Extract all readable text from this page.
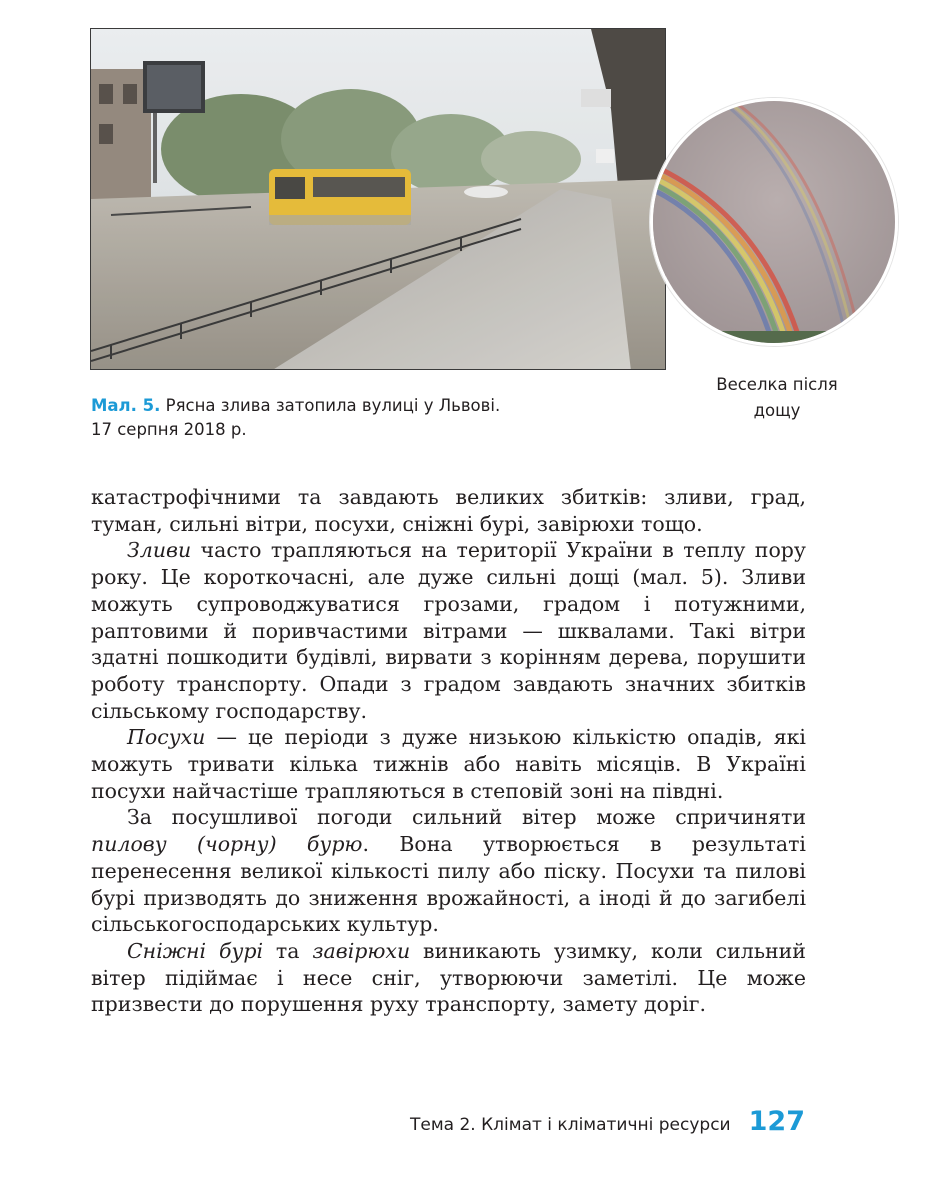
Мал. 5. Рясна злива затопила вулиці у Львові.
17 серпня 2018 р.
Веселка після дощу

катастрофічними та завдають великих збитків: зливи, град, туман, сильні вітри, посухи, сніжні бурі, завірюхи тощо.

Зливи часто трапляються на території України в теплу пору року. Це короткочасні, але дуже сильні дощі (мал. 5). Зливи можуть супроводжуватися грозами, градом і потужними, раптовими й поривчастими вітрами — шквалами. Такі вітри здатні пошкодити будівлі, вирвати з корінням дерева, порушити роботу транспорту. Опади з градом завдають значних збитків сільському господарству.

Посухи — це періоди з дуже низькою кількістю опадів, які можуть тривати кілька тижнів або навіть місяців. В Україні посухи найчастіше трапляються в степовій зоні на півдні.

За посушливої погоди сильний вітер може спричиняти пилову (чорну) бурю. Вона утворюється в результаті перенесення великої кількості пилу або піску. Посухи та пилові бурі призводять до зниження врожайності, а іноді й до загибелі сільськогосподарських культур.

Сніжні бурі та завірюхи виникають узимку, коли сильний вітер підіймає і несе сніг, утворюючи заметілі. Це може призвести до порушення руху транспорту, замету доріг.

Тема 2. Клімат і кліматичні ресурси 127
